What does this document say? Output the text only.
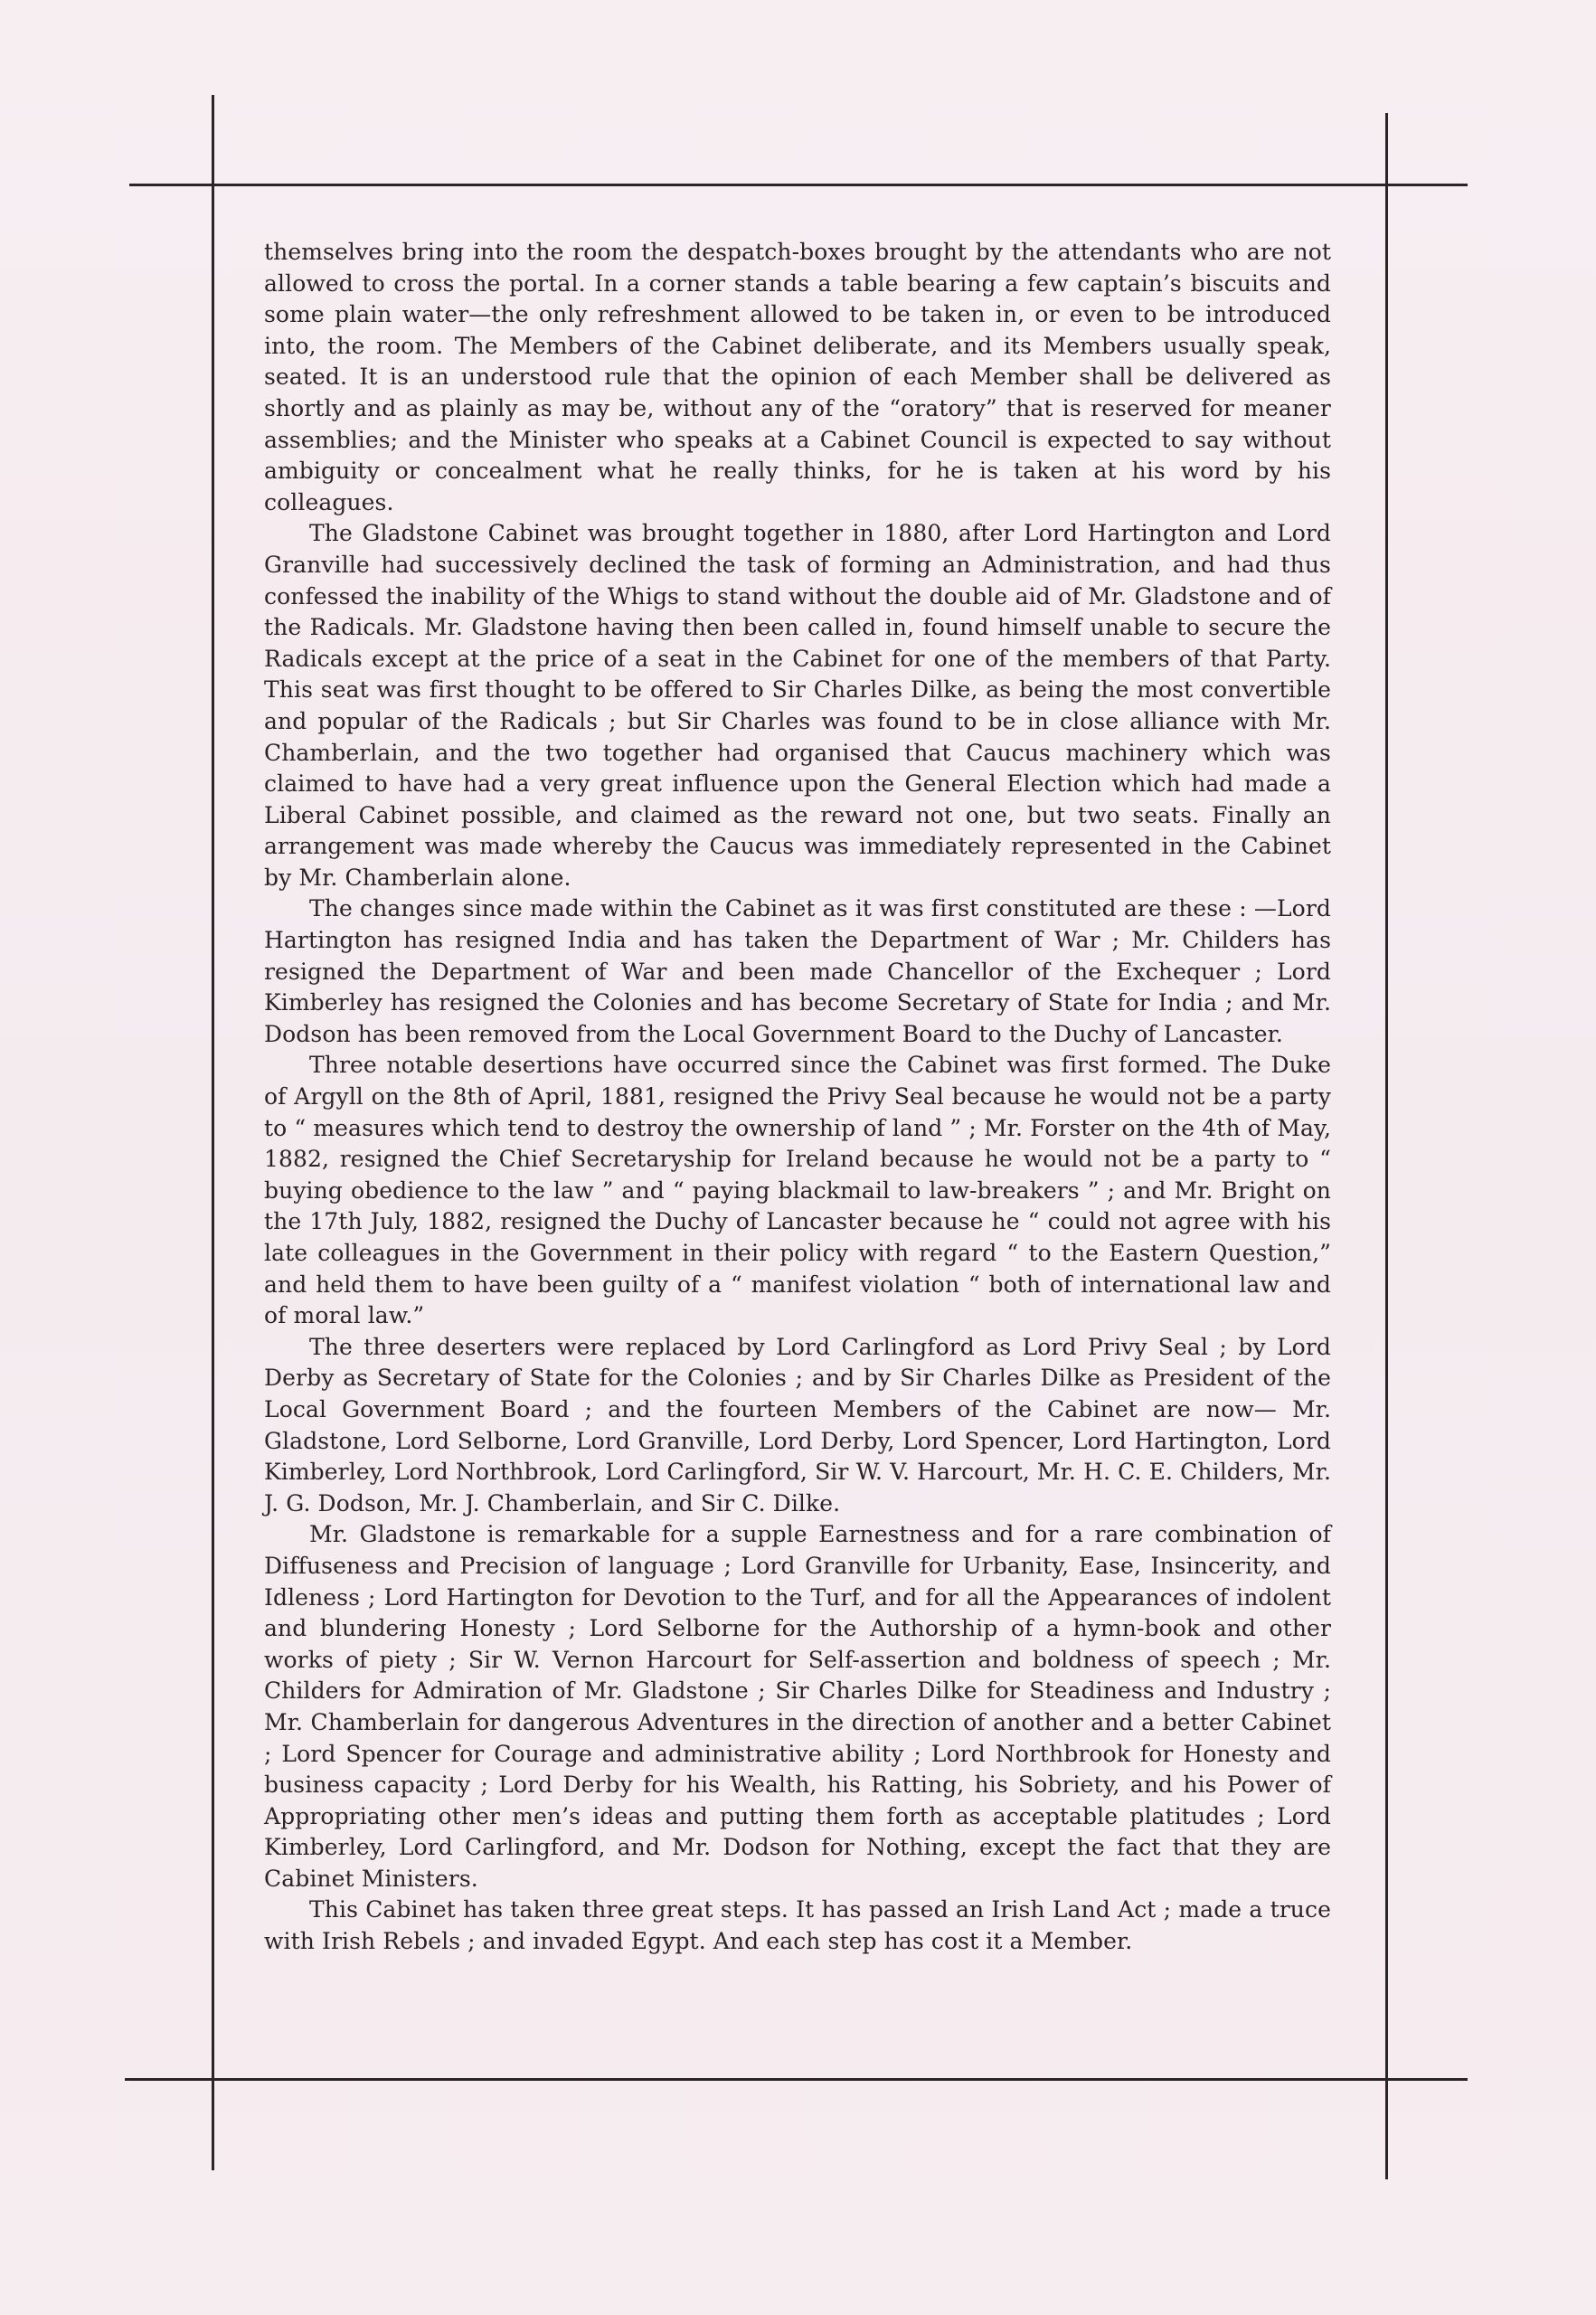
themselves bring into the room the despatch-boxes brought by the attendants who are not allowed to cross the portal. In a corner stands a table bearing a few captain’s biscuits and some plain water—the only refreshment allowed to be taken in, or even to be introduced into, the room. The Members of the Cabinet deliberate, and its Members usually speak, seated. It is an understood rule that the opinion of each Member shall be delivered as shortly and as plainly as may be, without any of the “oratory” that is reserved for meaner assemblies; and the Minister who speaks at a Cabinet Council is expected to say without ambiguity or concealment what he really thinks, for he is taken at his word by his colleagues.

The Gladstone Cabinet was brought together in 1880, after Lord Hartington and Lord Granville had successively declined the task of forming an Administration, and had thus confessed the inability of the Whigs to stand without the double aid of Mr. Gladstone and of the Radicals. Mr. Gladstone having then been called in, found himself unable to secure the Radicals except at the price of a seat in the Cabinet for one of the members of that Party. This seat was first thought to be offered to Sir Charles Dilke, as being the most convertible and popular of the Radicals ; but Sir Charles was found to be in close alliance with Mr. Chamberlain, and the two together had organised that Caucus machinery which was claimed to have had a very great influence upon the General Election which had made a Liberal Cabinet possible, and claimed as the reward not one, but two seats. Finally an arrangement was made whereby the Caucus was immediately represented in the Cabinet by Mr. Chamberlain alone.

The changes since made within the Cabinet as it was first constituted are these : —Lord Hartington has resigned India and has taken the Department of War ; Mr. Childers has resigned the Department of War and been made Chancellor of the Exchequer ; Lord Kimberley has resigned the Colonies and has become Secretary of State for India ; and Mr. Dodson has been removed from the Local Government Board to the Duchy of Lancaster.

Three notable desertions have occurred since the Cabinet was first formed. The Duke of Argyll on the 8th of April, 1881, resigned the Privy Seal because he would not be a party to “ measures which tend to destroy the ownership of land ” ; Mr. Forster on the 4th of May, 1882, resigned the Chief Secretaryship for Ireland because he would not be a party to “ buying obedience to the law ” and “ paying blackmail to law-breakers ” ; and Mr. Bright on the 17th July, 1882, resigned the Duchy of Lancaster because he “ could not agree with his late colleagues in the Government in their policy with regard “ to the Eastern Question,” and held them to have been guilty of a “ manifest violation “ both of international law and of moral law.”

The three deserters were replaced by Lord Carlingford as Lord Privy Seal ; by Lord Derby as Secretary of State for the Colonies ; and by Sir Charles Dilke as President of the Local Government Board ; and the fourteen Members of the Cabinet are now— Mr. Gladstone, Lord Selborne, Lord Granville, Lord Derby, Lord Spencer, Lord Hartington, Lord Kimberley, Lord Northbrook, Lord Carlingford, Sir W. V. Harcourt, Mr. H. C. E. Childers, Mr. J. G. Dodson, Mr. J. Chamberlain, and Sir C. Dilke.

Mr. Gladstone is remarkable for a supple Earnestness and for a rare combination of Diffuseness and Precision of language ; Lord Granville for Urbanity, Ease, Insincerity, and Idleness ; Lord Hartington for Devotion to the Turf, and for all the Appearances of indolent and blundering Honesty ; Lord Selborne for the Authorship of a hymn-book and other works of piety ; Sir W. Vernon Harcourt for Self-assertion and boldness of speech ; Mr. Childers for Admiration of Mr. Gladstone ; Sir Charles Dilke for Steadiness and Industry ; Mr. Chamberlain for dangerous Adventures in the direction of another and a better Cabinet ; Lord Spencer for Courage and administrative ability ; Lord Northbrook for Honesty and business capacity ; Lord Derby for his Wealth, his Ratting, his Sobriety, and his Power of Appropriating other men’s ideas and putting them forth as acceptable platitudes ; Lord Kimberley, Lord Carlingford, and Mr. Dodson for Nothing, except the fact that they are Cabinet Ministers.

This Cabinet has taken three great steps. It has passed an Irish Land Act ; made a truce with Irish Rebels ; and invaded Egypt. And each step has cost it a Member.
